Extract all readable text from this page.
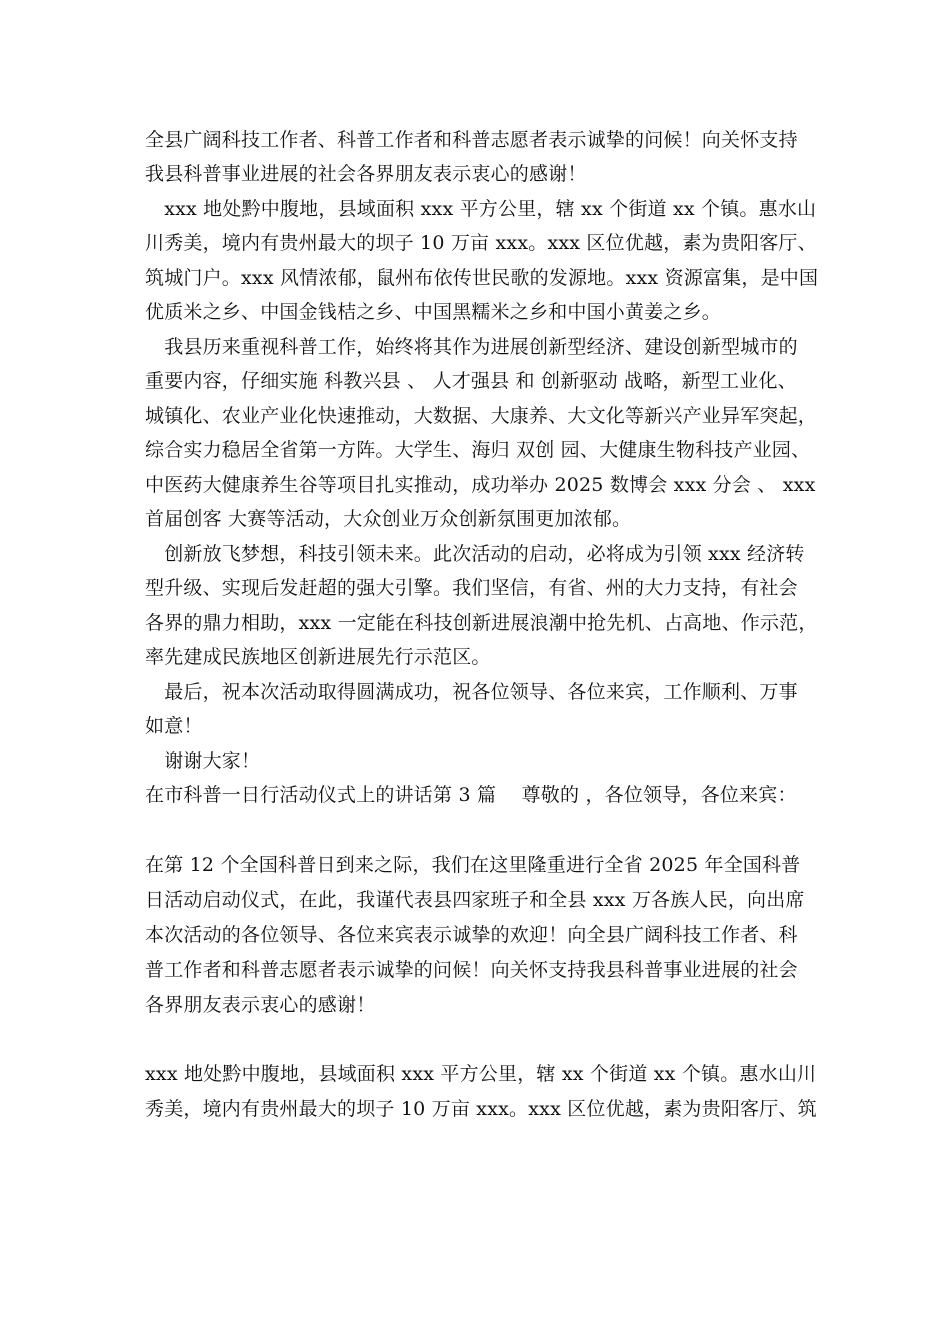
全县广阔科技工作者、科普工作者和科普志愿者表示诚挚的问候！向关怀支持
我县科普事业进展的社会各界朋友表示衷心的感谢！
　xxx 地处黔中腹地，县域面积 xxx 平方公里，辖 xx 个街道 xx 个镇。惠水山
川秀美，境内有贵州最大的坝子 10 万亩 xxx。xxx 区位优越，素为贵阳客厅、
筑城门户。xxx 风情浓郁，鼠州布依传世民歌的发源地。xxx 资源富集，是中国
优质米之乡、中国金钱桔之乡、中国黑糯米之乡和中国小黄姜之乡。
　我县历来重视科普工作，始终将其作为进展创新型经济、建设创新型城市的
重要内容，仔细实施 科教兴县 、 人才强县 和 创新驱动 战略，新型工业化、
城镇化、农业产业化快速推动，大数据、大康养、大文化等新兴产业异军突起，
综合实力稳居全省第一方阵。大学生、海归 双创 园、大健康生物科技产业园、
中医药大健康养生谷等项目扎实推动，成功举办 2025 数博会 xxx 分会 、 xxx
首届创客 大赛等活动，大众创业万众创新氛围更加浓郁。
　创新放飞梦想，科技引领未来。此次活动的启动，必将成为引领 xxx 经济转
型升级、实现后发赶超的强大引擎。我们坚信，有省、州的大力支持，有社会
各界的鼎力相助，xxx 一定能在科技创新进展浪潮中抢先机、占高地、作示范，
率先建成民族地区创新进展先行示范区。
　最后，祝本次活动取得圆满成功，祝各位领导、各位来宾，工作顺利、万事
如意！
　谢谢大家！
在市科普一日行活动仪式上的讲话第 3 篇　 尊敬的 ，各位领导，各位来宾：
在第 12 个全国科普日到来之际，我们在这里隆重进行全省 2025 年全国科普
日活动启动仪式，在此，我谨代表县四家班子和全县 xxx 万各族人民，向出席
本次活动的各位领导、各位来宾表示诚挚的欢迎！向全县广阔科技工作者、科
普工作者和科普志愿者表示诚挚的问候！向关怀支持我县科普事业进展的社会
各界朋友表示衷心的感谢！
xxx 地处黔中腹地，县域面积 xxx 平方公里，辖 xx 个街道 xx 个镇。惠水山川
秀美，境内有贵州最大的坝子 10 万亩 xxx。xxx 区位优越，素为贵阳客厅、筑
